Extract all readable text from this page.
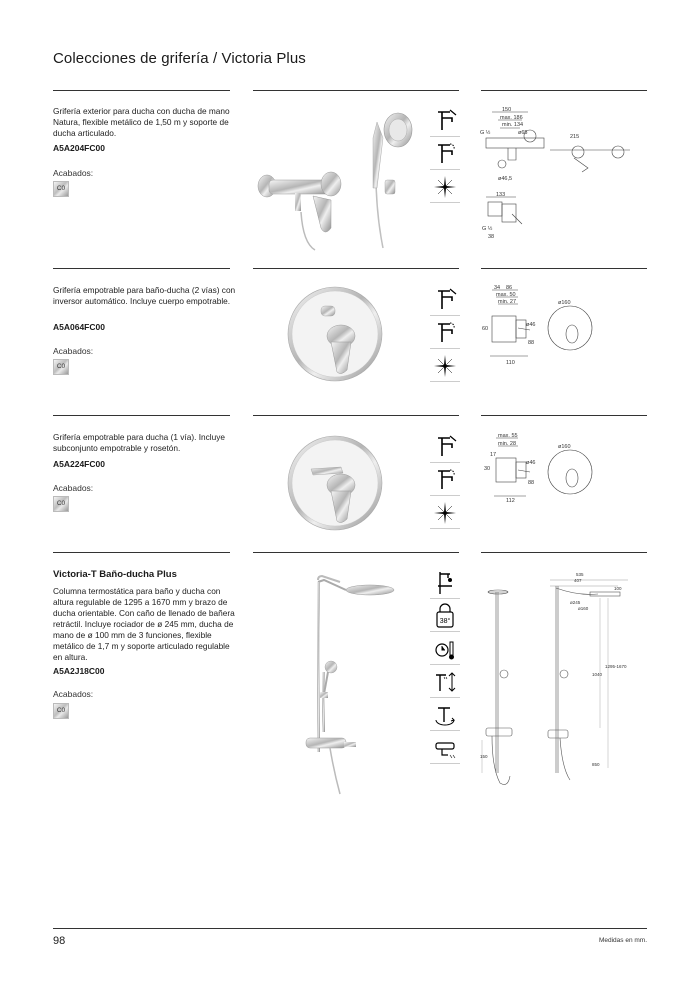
Colecciones de grifería / Victoria Plus
Grifería exterior para ducha con ducha de mano Natura, flexible metálico de 1,50 m y soporte de ducha articulado.
A5A204FC00
Acabados:
C0
150
max. 186
min. 134
G ½	ø65
215
ø46,5
133
G ½
38
Grifería empotrable para baño-ducha (2 vías) con inversor automático. Incluye cuerpo empotrable.
A5A064FC00
Acabados:
C0
34 86
max. 50
min. 27	ø160
60
ø46
88
110
Grifería empotrable para ducha (1 vía). Incluye subconjunto empotrable y rosetón.
A5A224FC00
Acabados:
C0
max. 55
min. 28	ø160
17
30
ø46
88
112
Victoria-T Baño-ducha Plus
Columna termostática para baño y ducha con altura regulable de 1295 a 1670 mm y brazo de ducha orientable. Con caño de llenado de bañera retráctil. Incluye rociador de ø 245 mm, ducha de mano de ø 100 mm de 3 funciones, flexible metálico de 1,7 m y soporte articulado regulable en altura.
A5A2J18C00
Acabados:
C0
38°
535
407
100
ø245
ø160
1295-1670
1040
850
150
98	Medidas en mm.
